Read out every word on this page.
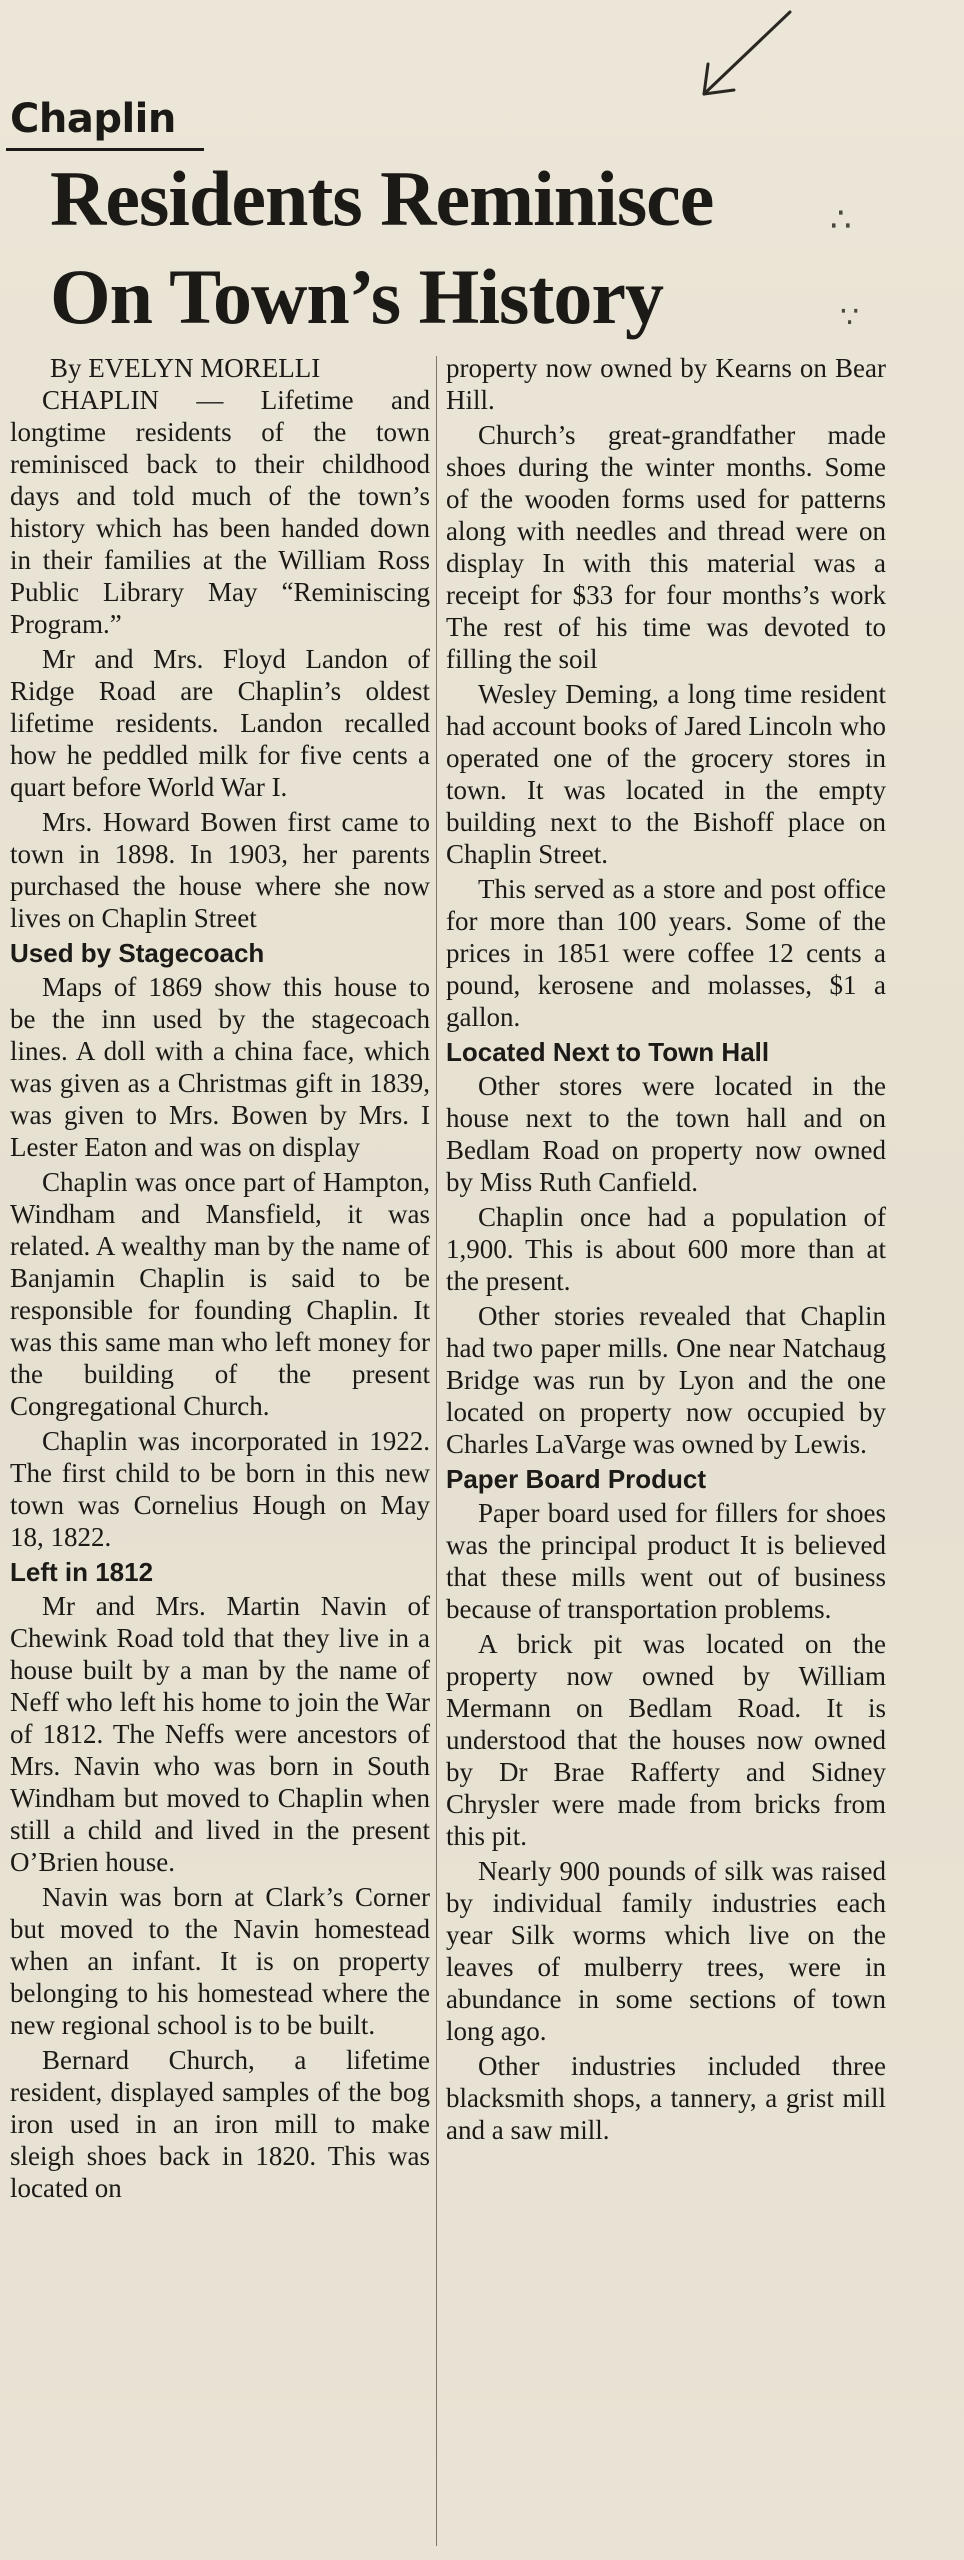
Chaplin
Residents Reminisce
On Town’s History
∴
∵

By EVELYN MORELLI

CHAPLIN — Lifetime and longtime residents of the town reminisced back to their childhood days and told much of the town’s history which has been handed down in their families at the William Ross Public Library May “Reminiscing Program.”

Mr and Mrs. Floyd Landon of Ridge Road are Chaplin’s oldest lifetime residents. Landon recalled how he peddled milk for five cents a quart before World War I.

Mrs. Howard Bowen first came to town in 1898. In 1903, her parents purchased the house where she now lives on Chaplin Street

Used by Stagecoach

Maps of 1869 show this house to be the inn used by the stagecoach lines. A doll with a china face, which was given as a Christmas gift in 1839, was given to Mrs. Bowen by Mrs. I Lester Eaton and was on display

Chaplin was once part of Hampton, Windham and Mansfield, it was related. A wealthy man by the name of Banjamin Chaplin is said to be responsible for founding Chaplin. It was this same man who left money for the building of the present Congregational Church.

Chaplin was incorporated in 1922. The first child to be born in this new town was Cornelius Hough on May 18, 1822.

Left in 1812

Mr and Mrs. Martin Navin of Chewink Road told that they live in a house built by a man by the name of Neff who left his home to join the War of 1812. The Neffs were ancestors of Mrs. Navin who was born in South Windham but moved to Chaplin when still a child and lived in the present O’Brien house.

Navin was born at Clark’s Corner but moved to the Navin homestead when an infant. It is on property belonging to his homestead where the new regional school is to be built.

Bernard Church, a lifetime resident, displayed samples of the bog iron used in an iron mill to make sleigh shoes back in 1820. This was located on

property now owned by Kearns on Bear Hill.

Church’s great-grandfather made shoes during the winter months. Some of the wooden forms used for patterns along with needles and thread were on display In with this material was a receipt for $33 for four months’s work The rest of his time was devoted to filling the soil

Wesley Deming, a long time resident had account books of Jared Lincoln who operated one of the grocery stores in town. It was located in the empty building next to the Bishoff place on Chaplin Street.

This served as a store and post office for more than 100 years. Some of the prices in 1851 were coffee 12 cents a pound, kerosene and molasses, $1 a gallon.

Located Next to Town Hall

Other stores were located in the house next to the town hall and on Bedlam Road on property now owned by Miss Ruth Canfield.

Chaplin once had a population of 1,900. This is about 600 more than at the present.

Other stories revealed that Chaplin had two paper mills. One near Natchaug Bridge was run by Lyon and the one located on property now occupied by Charles LaVarge was owned by Lewis.

Paper Board Product

Paper board used for fillers for shoes was the principal product It is believed that these mills went out of business because of transportation problems.

A brick pit was located on the property now owned by William Mermann on Bedlam Road. It is understood that the houses now owned by Dr Brae Rafferty and Sidney Chrysler were made from bricks from this pit.

Nearly 900 pounds of silk was raised by individual family industries each year Silk worms which live on the leaves of mulberry trees, were in abundance in some sections of town long ago.

Other industries included three blacksmith shops, a tannery, a grist mill and a saw mill.
